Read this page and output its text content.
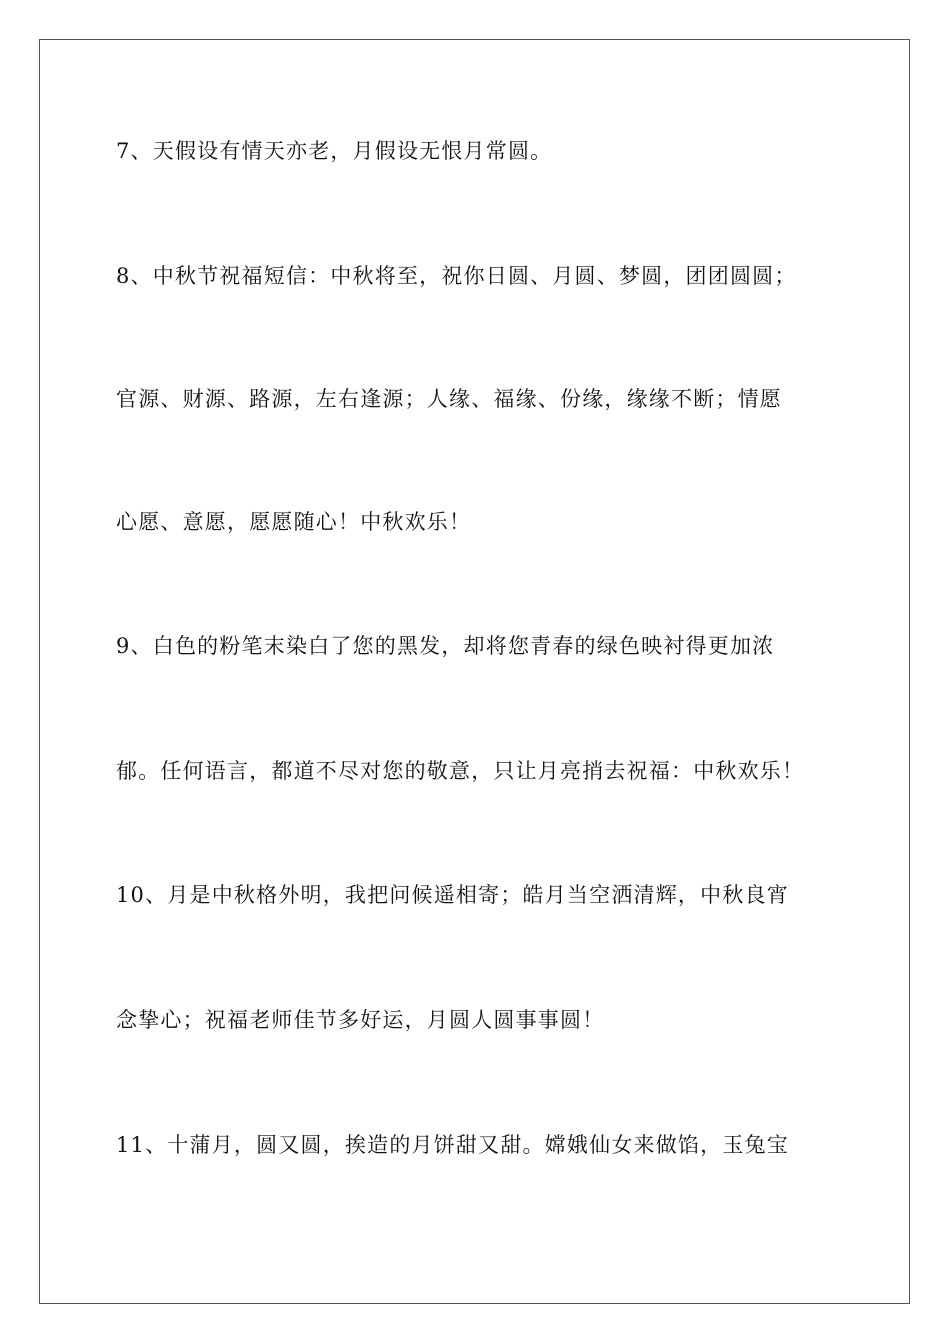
7、天假设有情天亦老，月假设无恨月常圆。
8、中秋节祝福短信：中秋将至，祝你日圆、月圆、梦圆，团团圆圆；
官源、财源、路源，左右逢源；人缘、福缘、份缘，缘缘不断；情愿
心愿、意愿，愿愿随心！中秋欢乐！
9、白色的粉笔末染白了您的黑发，却将您青春的绿色映衬得更加浓
郁。任何语言，都道不尽对您的敬意，只让月亮捎去祝福：中秋欢乐！
10、月是中秋格外明，我把问候遥相寄；皓月当空洒清辉，中秋良宵
念挚心；祝福老师佳节多好运，月圆人圆事事圆！
11、十蒲月，圆又圆，挨造的月饼甜又甜。嫦娥仙女来做馅，玉兔宝
